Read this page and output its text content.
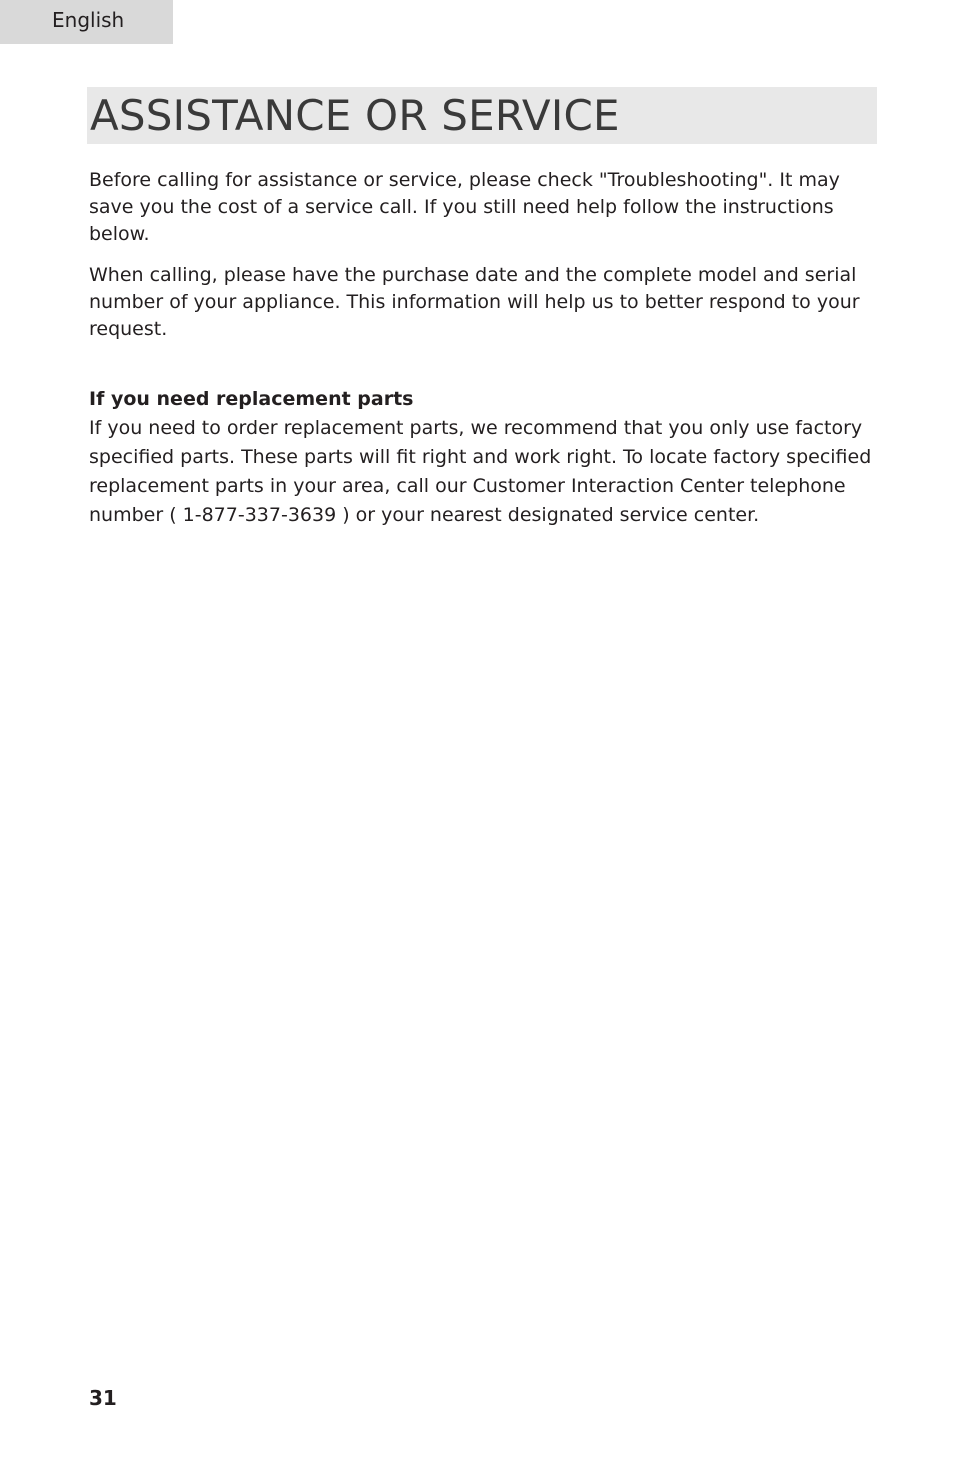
English
ASSISTANCE OR SERVICE

Before calling for assistance or service, please check "Troubleshooting". It may save you the cost of a service call. If you still need help follow the instructions below.

When calling, please have the purchase date and the complete model and serial number of your appliance. This information will help us to better respond to your request.

If you need replacement parts

If you need to order replacement parts, we recommend that you only use factory specified parts. These parts will fit right and work right. To locate factory specified replacement parts in your area, call our Customer Interaction Center telephone number ( 1-877-337-3639 ) or your nearest designated service center.

31
